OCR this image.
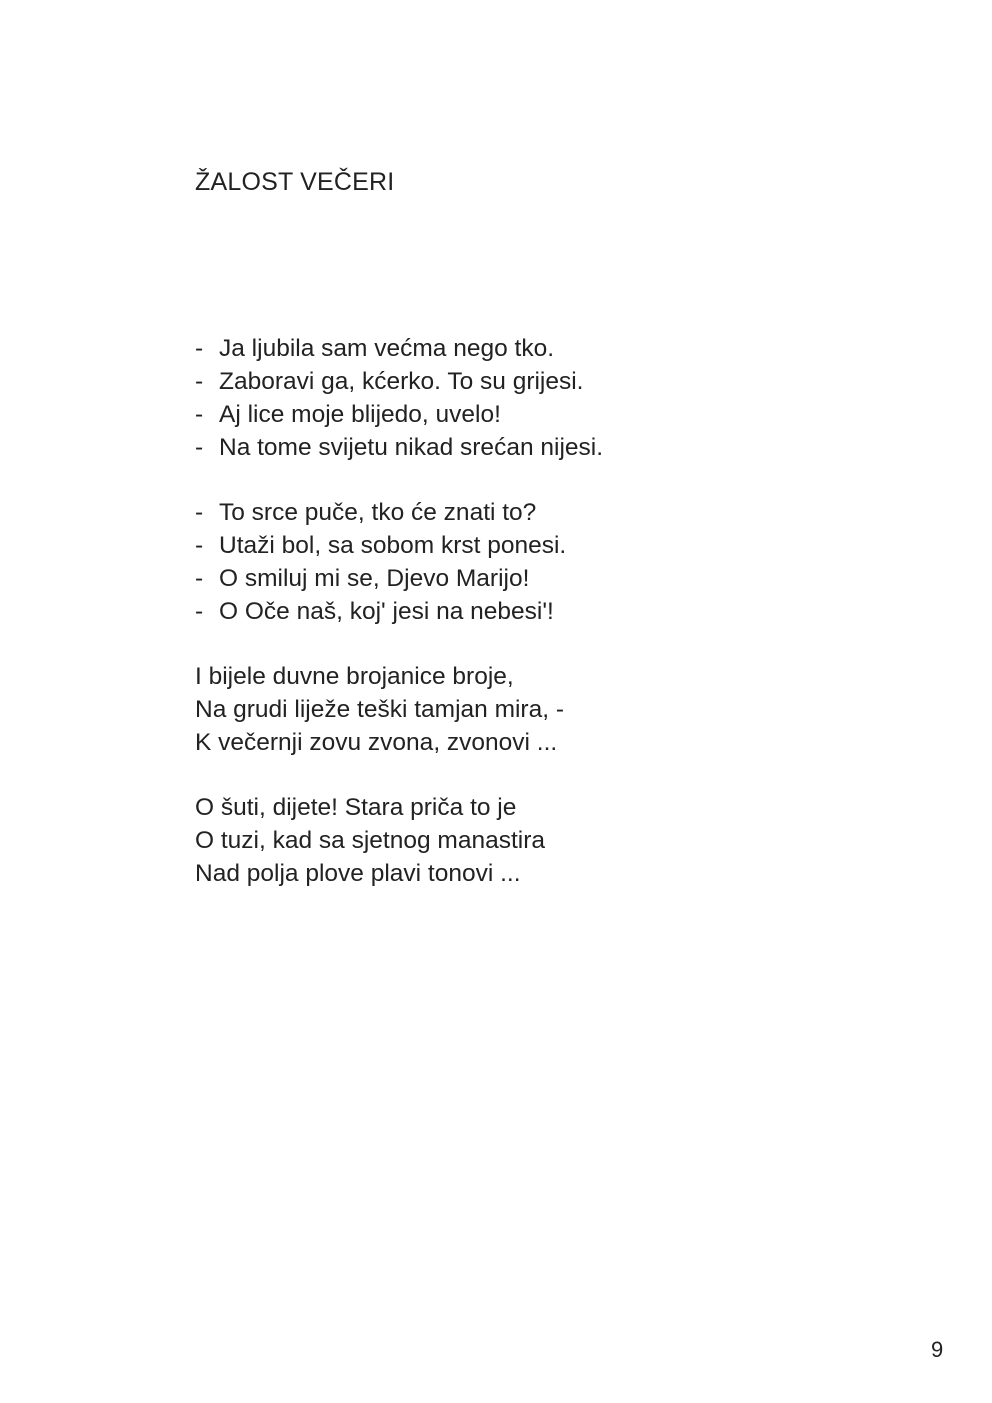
ŽALOST VEČERI
- Ja ljubila sam većma nego tko.
- Zaboravi ga, kćerko. To su grijesi.
- Aj lice moje blijedo, uvelo!
- Na tome svijetu nikad srećan nijesi.
- To srce puče, tko će znati to?
- Utaži bol, sa sobom krst ponesi.
- O smiluj mi se, Djevo Marijo!
- O Oče naš, koj' jesi na nebesi'!
I bijele duvne brojanice broje,
Na grudi liježe teški tamjan mira, -
K večernji zovu zvona, zvonovi ...
O šuti, dijete! Stara priča to je
O tuzi, kad sa sjetnog manastira
Nad polja plove plavi tonovi ...
9
